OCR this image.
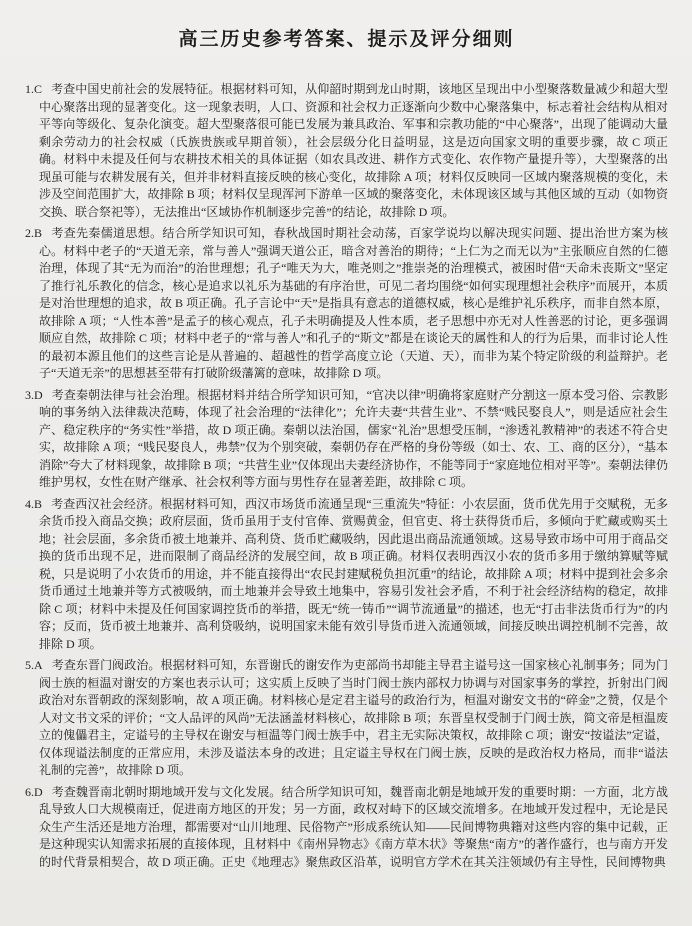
高三历史参考答案、提示及评分细则

1.C 考查中国史前社会的发展特征。根据材料可知，从仰韶时期到龙山时期，该地区呈现出中小型聚落数量减少和超大型中心聚落出现的显著变化。这一现象表明，人口、资源和社会权力正逐渐向少数中心聚落集中，标志着社会结构从相对平等向等级化、复杂化演变。超大型聚落很可能已发展为兼具政治、军事和宗教功能的“中心聚落”，出现了能调动大量剩余劳动力的社会权威（氏族贵族或早期首领），社会层级分化日益明显，这是迈向国家文明的重要步骤，故 C 项正确。材料中未提及任何与农耕技术相关的具体证据（如农具改进、耕作方式变化、农作物产量提升等），大型聚落的出现虽可能与农耕发展有关，但并非材料直接反映的核心变化，故排除 A 项；材料仅反映同一区域内聚落规模的变化，未涉及空间范围扩大，故排除 B 项；材料仅呈现浑河下游单一区域的聚落变化，未体现该区域与其他区域的互动（如物资交换、联合祭祀等），无法推出“区域协作机制逐步完善”的结论，故排除 D 项。

2.B 考查先秦儒道思想。结合所学知识可知，春秋战国时期社会动荡，百家学说均以解决现实问题、提出治世方案为核心。材料中老子的“天道无亲，常与善人”强调天道公正，暗含对善治的期待；“上仁为之而无以为”主张顺应自然的仁德治理，体现了其“无为而治”的治世理想；孔子“唯天为大，唯尧则之”推崇尧的治理模式，被困时借“天命未丧斯文”坚定了推行礼乐教化的信念，核心是追求以礼乐为基础的有序治世，可见二者均围绕“如何实现理想社会秩序”而展开，本质是对治世理想的追求，故 B 项正确。孔子言论中“天”是指具有意志的道德权威，核心是维护礼乐秩序，而非自然本原，故排除 A 项；“人性本善”是孟子的核心观点，孔子未明确提及人性本质，老子思想中亦无对人性善恶的讨论，更多强调顺应自然，故排除 C 项；材料中老子的“常与善人”和孔子的“斯文”都是在谈论天的属性和人的行为后果，而非讨论人性的最初本源且他们的这些言论是从普遍的、超越性的哲学高度立论（天道、天），而非为某个特定阶级的利益辩护。老子“天道无亲”的思想甚至带有打破阶级藩篱的意味，故排除 D 项。

3.D 考查秦朝法律与社会治理。根据材料并结合所学知识可知，“官决以律”明确将家庭财产分割这一原本受习俗、宗教影响的事务纳入法律裁决范畴，体现了社会治理的“法律化”；允许夫妻“共营生业”、不禁“贱民娶良人”，则是适应社会生产、稳定秩序的“务实性”举措，故 D 项正确。秦朝以法治国，儒家“礼治”思想受压制，“渗透礼教精神”的表述不符合史实，故排除 A 项；“贱民娶良人，弗禁”仅为个别突破，秦朝仍存在严格的身份等级（如士、农、工、商的区分），“基本消除”夸大了材料现象，故排除 B 项；“共营生业”仅体现出夫妻经济协作，不能等同于“家庭地位相对平等”。秦朝法律仍维护男权，女性在财产继承、社会权利等方面与男性存在显著差距，故排除 C 项。

4.B 考查西汉社会经济。根据材料可知，西汉市场货币流通呈现“三重流失”特征：小农层面，货币优先用于交赋税，无多余货币投入商品交换；政府层面，货币虽用于支付官俸、赏赐黄金，但官吏、将士获得货币后，多倾向于贮藏或购买土地；社会层面，多余货币被土地兼并、高利贷、货币贮藏吸纳，因此退出商品流通领域。这易导致市场中可用于商品交换的货币出现不足，进而限制了商品经济的发展空间，故 B 项正确。材料仅表明西汉小农的货币多用于缴纳算赋等赋税，只是说明了小农货币的用途，并不能直接得出“农民封建赋税负担沉重”的结论，故排除 A 项；材料中提到社会多余货币通过土地兼并等方式被吸纳，而土地兼并会导致土地集中，容易引发社会矛盾，不利于社会经济结构的稳定，故排除 C 项；材料中未提及任何国家调控货币的举措，既无“统一铸币”“调节流通量”的描述，也无“打击非法货币行为”的内容；反而，货币被土地兼并、高利贷吸纳，说明国家未能有效引导货币进入流通领域，间接反映出调控机制不完善，故排除 D 项。

5.A 考查东晋门阀政治。根据材料可知，东晋谢氏的谢安作为吏部尚书却能主导君主谥号这一国家核心礼制事务；同为门阀士族的桓温对谢安的方案也表示认可；这实质上反映了当时门阀士族内部权力协调与对国家事务的掌控，折射出门阀政治对东晋朝政的深刻影响，故 A 项正确。材料核心是定君主谥号的政治行为，桓温对谢安文书的“碎金”之赞，仅是个人对文书文采的评价；“文人品评的风尚”无法涵盖材料核心，故排除 B 项；东晋皇权受制于门阀士族，简文帝是桓温废立的傀儡君主，定谥号的主导权在谢安与桓温等门阀士族手中，君主无实际决策权，故排除 C 项；谢安“按谥法”定谥，仅体现谥法制度的正常应用，未涉及谥法本身的改进；且定谥主导权在门阀士族，反映的是政治权力格局，而非“谥法礼制的完善”，故排除 D 项。

6.D 考查魏晋南北朝时期地域开发与文化发展。结合所学知识可知，魏晋南北朝是地域开发的重要时期：一方面，北方战乱导致人口大规模南迁，促进南方地区的开发；另一方面，政权对峙下的区域交流增多。在地域开发过程中，无论是民众生产生活还是地方治理，都需要对“山川地理、民俗物产”形成系统认知——民间博物典籍对这些内容的集中记载，正是这种现实认知需求拓展的直接体现，且材料中《南州异物志》《南方草木状》等聚焦“南方”的著作盛行，也与南方开发的时代背景相契合，故 D 项正确。正史《地理志》聚焦政区沿革，说明官方学术在其关注领域仍有主导性，民间博物典
